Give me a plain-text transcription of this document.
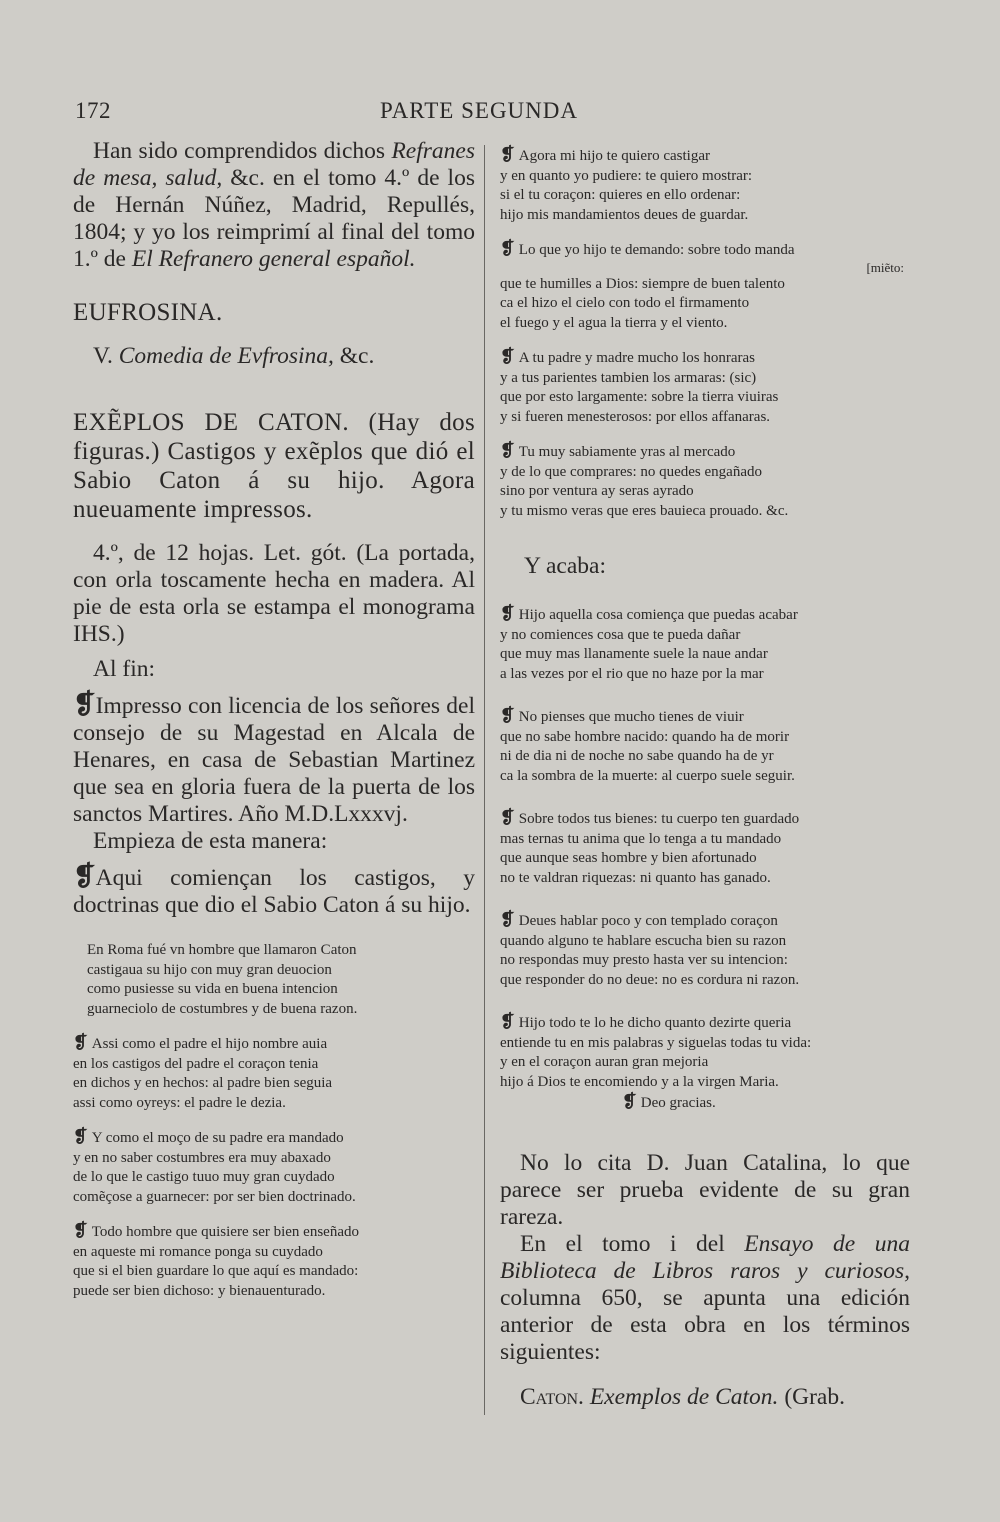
172	PARTE SEGUNDA

Han sido comprendidos dichos Refranes de mesa, salud, &c. en el tomo 4.º de los de Hernán Núñez, Madrid, Repullés, 1804; y yo los reimprimí al final del tomo 1.º de El Refranero general español.

EUFROSINA.

V. Comedia de Evfrosina, &c.

EXẼPLOS DE CATON. (Hay dos figuras.) Castigos y exẽplos que dió el Sabio Caton á su hijo. Agora nueuamente impressos.

4.º, de 12 hojas. Let. gót. (La portada, con orla toscamente hecha en madera. Al pie de esta orla se estampa el monograma IHS.)

Al fin:

❡Impresso con licencia de los señores del consejo de su Magestad en Alcala de Henares, en casa de Sebastian Martinez que sea en gloria fuera de la puerta de los sanctos Martires. Año M.D.Lxxxvj.

Empieza de esta manera:

❡Aqui comiençan los castigos, y doctrinas que dio el Sabio Caton á su hijo.

En Roma fué vn hombre que llamaron Caton
castigaua su hijo con muy gran deuocion
como pusiesse su vida en buena intencion
guarneciolo de costumbres y de buena razon.
❡ Assi como el padre el hijo nombre auia
en los castigos del padre el coraçon tenia
en dichos y en hechos: al padre bien seguia
assi como oyreys: el padre le dezia.
❡ Y como el moço de su padre era mandado
y en no saber costumbres era muy abaxado
de lo que le castigo tuuo muy gran cuydado
comẽçose a guarnecer: por ser bien doctrinado.
❡ Todo hombre que quisiere ser bien enseñado
en aqueste mi romance ponga su cuydado
que si el bien guardare lo que aquí es mandado:
puede ser bien dichoso: y bienauenturado.
❡ Agora mi hijo te quiero castigar
y en quanto yo pudiere: te quiero mostrar:
si el tu coraçon: quieres en ello ordenar:
hijo mis mandamientos deues de guardar.
❡ Lo que yo hijo te demando: sobre todo manda
[miẽto:
que te humilles a Dios: siempre de buen talento
ca el hizo el cielo con todo el firmamento
el fuego y el agua la tierra y el viento.
❡ A tu padre y madre mucho los honraras
y a tus parientes tambien los armaras: (sic)
que por esto largamente: sobre la tierra viuiras
y si fueren menesterosos: por ellos affanaras.
❡ Tu muy sabiamente yras al mercado
y de lo que comprares: no quedes engañado
sino por ventura ay seras ayrado
y tu mismo veras que eres bauieca prouado. &c.

Y acaba:

❡ Hijo aquella cosa comiença que puedas acabar
y no comiences cosa que te pueda dañar
que muy mas llanamente suele la naue andar
a las vezes por el rio que no haze por la mar
❡ No pienses que mucho tienes de viuir
que no sabe hombre nacido: quando ha de morir
ni de dia ni de noche no sabe quando ha de yr
ca la sombra de la muerte: al cuerpo suele seguir.
❡ Sobre todos tus bienes: tu cuerpo ten guardado
mas ternas tu anima que lo tenga a tu mandado
que aunque seas hombre y bien afortunado
no te valdran riquezas: ni quanto has ganado.
❡ Deues hablar poco y con templado coraçon
quando alguno te hablare escucha bien su razon
no respondas muy presto hasta ver su intencion:
que responder do no deue: no es cordura ni razon.
❡ Hijo todo te lo he dicho quanto dezirte queria
entiende tu en mis palabras y siguelas todas tu vida:
y en el coraçon auran gran mejoria
hijo á Dios te encomiendo y a la virgen Maria.
❡ Deo gracias.

No lo cita D. Juan Catalina, lo que parece ser prueba evidente de su gran rareza.

En el tomo i del Ensayo de una Biblioteca de Libros raros y curiosos, columna 650, se apunta una edición anterior de esta obra en los términos siguientes:

Caton. Exemplos de Caton. (Grab.
